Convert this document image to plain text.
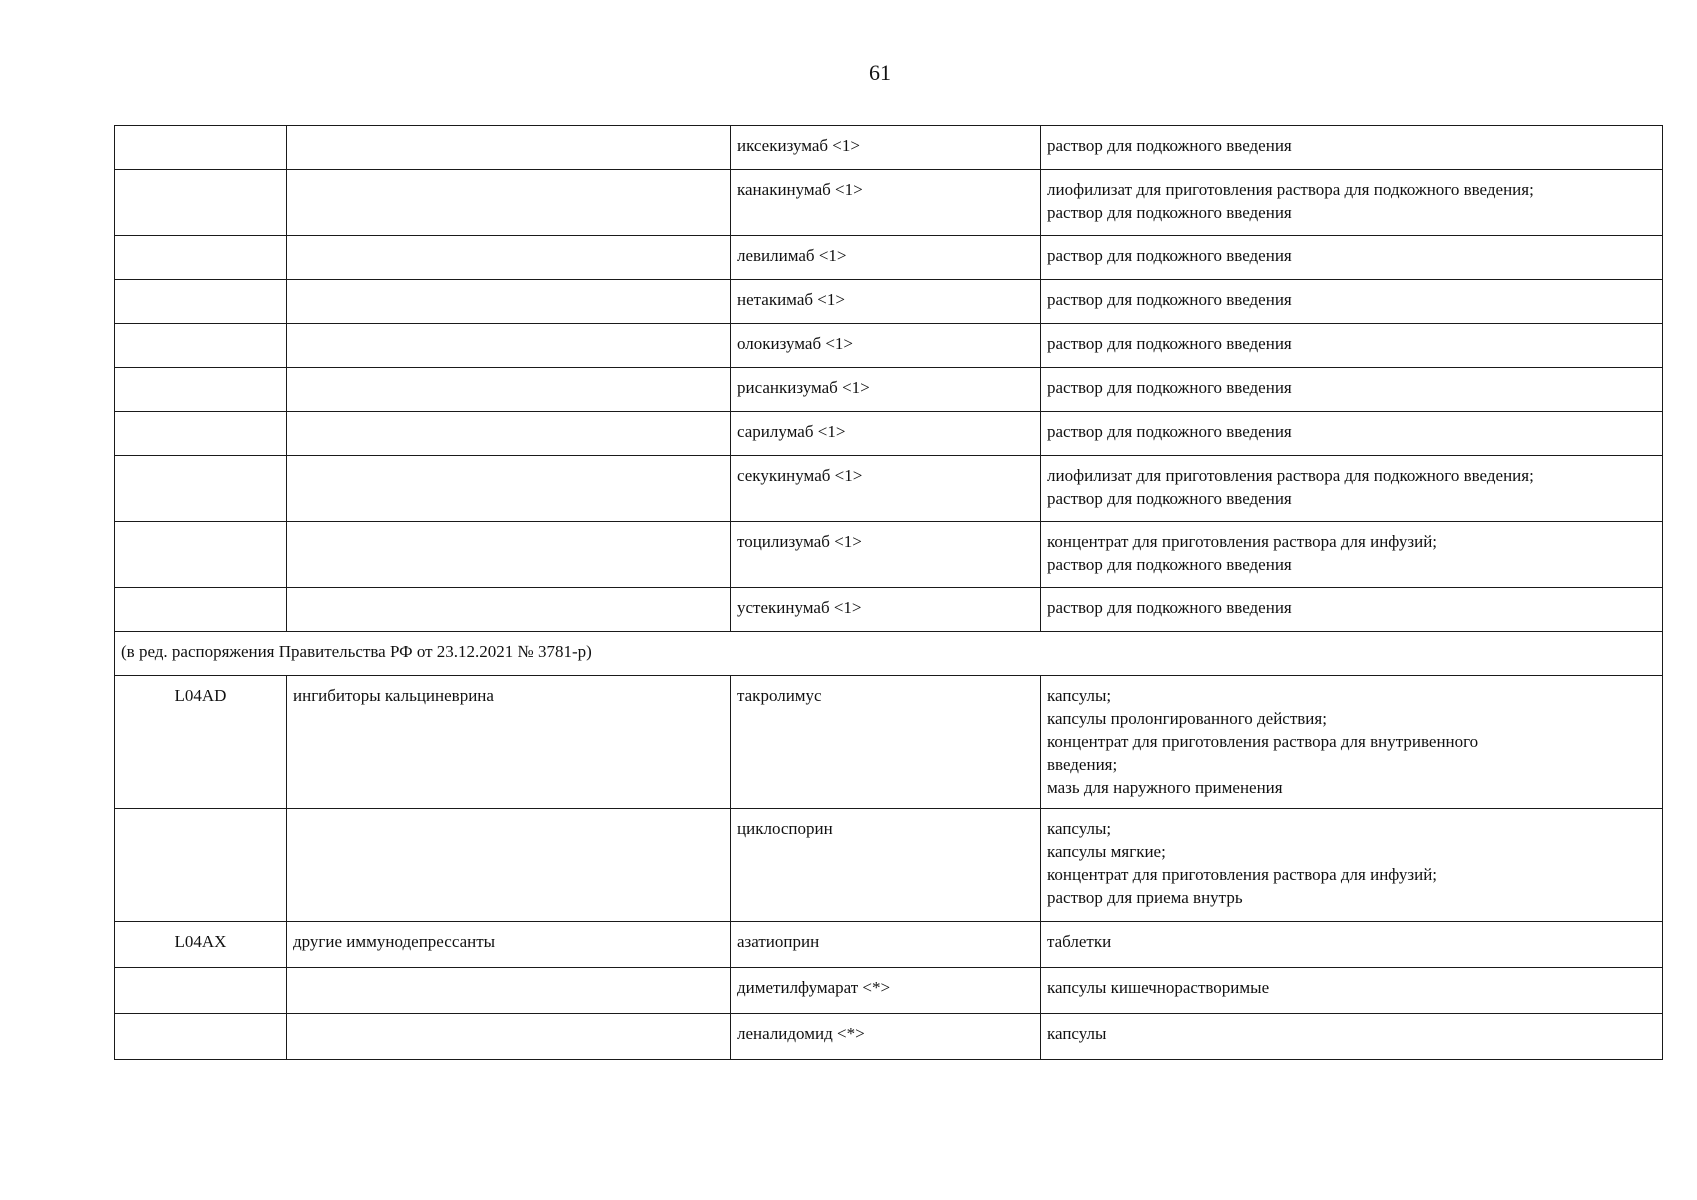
61
		иксекизумаб <1>	раствор для подкожного введения

		канакинумаб <1>	лиофилизат для приготовления раствора для подкожного введения;
раствор для подкожного введения

		левилимаб <1>	раствор для подкожного введения

		нетакимаб <1>	раствор для подкожного введения

		олокизумаб <1>	раствор для подкожного введения

		рисанкизумаб <1>	раствор для подкожного введения

		сарилумаб <1>	раствор для подкожного введения

		секукинумаб <1>	лиофилизат для приготовления раствора для подкожного введения;
раствор для подкожного введения

		тоцилизумаб <1>	концентрат для приготовления раствора для инфузий;
раствор для подкожного введения

		устекинумаб <1>	раствор для подкожного введения

(в ред. распоряжения Правительства РФ от 23.12.2021 № 3781-р)			
L04AD	ингибиторы кальциневрина	такролимус	капсулы;
капсулы пролонгированного действия;
концентрат для приготовления раствора для внутривенного
введения;
мазь для наружного применения

		циклоспорин	капсулы;
капсулы мягкие;
концентрат для приготовления раствора для инфузий;
раствор для приема внутрь

L04AX	другие иммунодепрессанты	азатиоприн	таблетки

		диметилфумарат <*>	капсулы кишечнорастворимые

		леналидомид <*>	капсулы
